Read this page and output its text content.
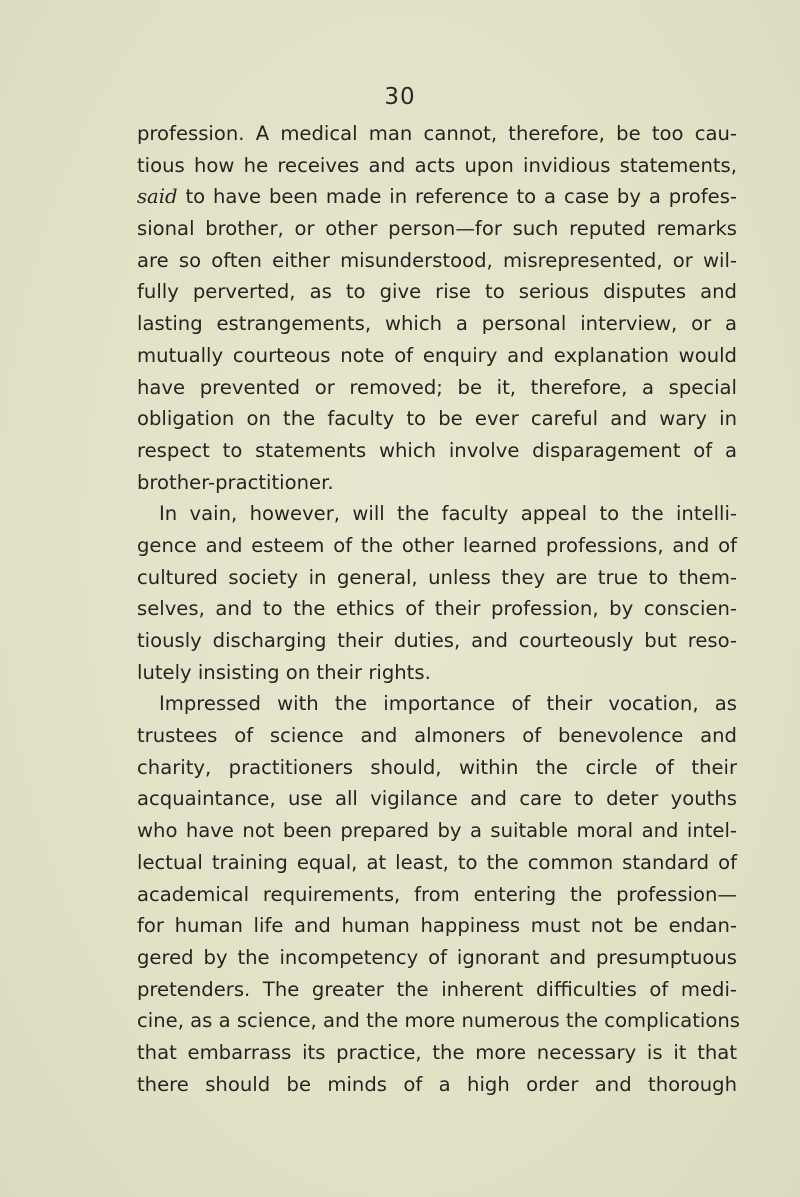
30
profession. A medical man cannot, therefore, be too cau-
tious how he receives and acts upon invidious statements,
said to have been made in reference to a case by a profes-
sional brother, or other person—for such reputed remarks
are so often either misunderstood, misrepresented, or wil-
fully perverted, as to give rise to serious disputes and
lasting estrangements, which a personal interview, or a
mutually courteous note of enquiry and explanation would
have prevented or removed; be it, therefore, a special
obligation on the faculty to be ever careful and wary in
respect to statements which involve disparagement of a
brother-practitioner.
In vain, however, will the faculty appeal to the intelli-
gence and esteem of the other learned professions, and of
cultured society in general, unless they are true to them-
selves, and to the ethics of their profession, by conscien-
tiously discharging their duties, and courteously but reso-
lutely insisting on their rights.
Impressed with the importance of their vocation, as
trustees of science and almoners of benevolence and
charity, practitioners should, within the circle of their
acquaintance, use all vigilance and care to deter youths
who have not been prepared by a suitable moral and intel-
lectual training equal, at least, to the common standard of
academical requirements, from entering the profession—
for human life and human happiness must not be endan-
gered by the incompetency of ignorant and presumptuous
pretenders. The greater the inherent difficulties of medi-
cine, as a science, and the more numerous the complications
that embarrass its practice, the more necessary is it that
there should be minds of a high order and thorough
